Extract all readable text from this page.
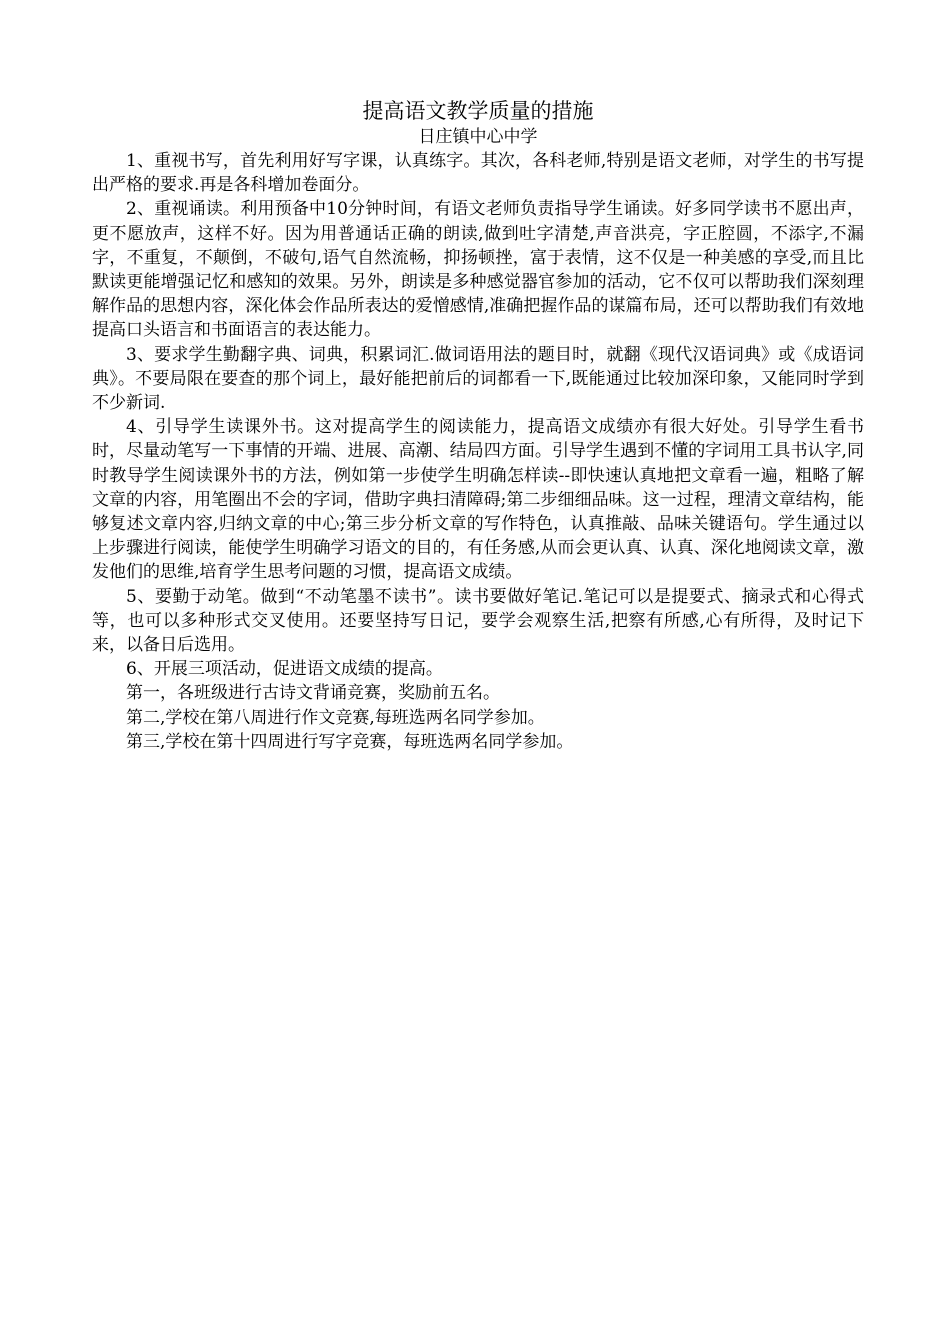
提高语文教学质量的措施
日庄镇中心中学

1、重视书写，首先利用好写字课，认真练字。其次，各科老师,特别是语文老师，对学生的书写提出严格的要求.再是各科增加卷面分。

2、重视诵读。利用预备中10分钟时间，有语文老师负责指导学生诵读。好多同学读书不愿出声，更不愿放声，这样不好。因为用普通话正确的朗读,做到吐字清楚,声音洪亮，字正腔圆，不添字,不漏字，不重复，不颠倒，不破句,语气自然流畅，抑扬顿挫，富于表情，这不仅是一种美感的享受,而且比默读更能增强记忆和感知的效果。另外，朗读是多种感觉器官参加的活动，它不仅可以帮助我们深刻理解作品的思想内容，深化体会作品所表达的爱憎感情,准确把握作品的谋篇布局，还可以帮助我们有效地提高口头语言和书面语言的表达能力。

3、要求学生勤翻字典、词典，积累词汇.做词语用法的题目时，就翻《现代汉语词典》或《成语词典》。不要局限在要查的那个词上，最好能把前后的词都看一下,既能通过比较加深印象，又能同时学到不少新词.

4、引导学生读课外书。这对提高学生的阅读能力，提高语文成绩亦有很大好处。引导学生看书时，尽量动笔写一下事情的开端、进展、高潮、结局四方面。引导学生遇到不懂的字词用工具书认字,同时教导学生阅读课外书的方法，例如第一步使学生明确怎样读--即快速认真地把文章看一遍，粗略了解文章的内容，用笔圈出不会的字词，借助字典扫清障碍;第二步细细品味。这一过程，理清文章结构，能够复述文章内容,归纳文章的中心;第三步分析文章的写作特色，认真推敲、品味关键语句。学生通过以上步骤进行阅读，能使学生明确学习语文的目的，有任务感,从而会更认真、认真、深化地阅读文章，激发他们的思维,培育学生思考问题的习惯，提高语文成绩。

5、要勤于动笔。做到“不动笔墨不读书”。读书要做好笔记.笔记可以是提要式、摘录式和心得式等，也可以多种形式交叉使用。还要坚持写日记，要学会观察生活,把察有所感,心有所得，及时记下来，以备日后选用。

6、开展三项活动，促进语文成绩的提高。

第一，各班级进行古诗文背诵竞赛，奖励前五名。

第二,学校在第八周进行作文竞赛,每班选两名同学参加。

第三,学校在第十四周进行写字竞赛，每班选两名同学参加。
